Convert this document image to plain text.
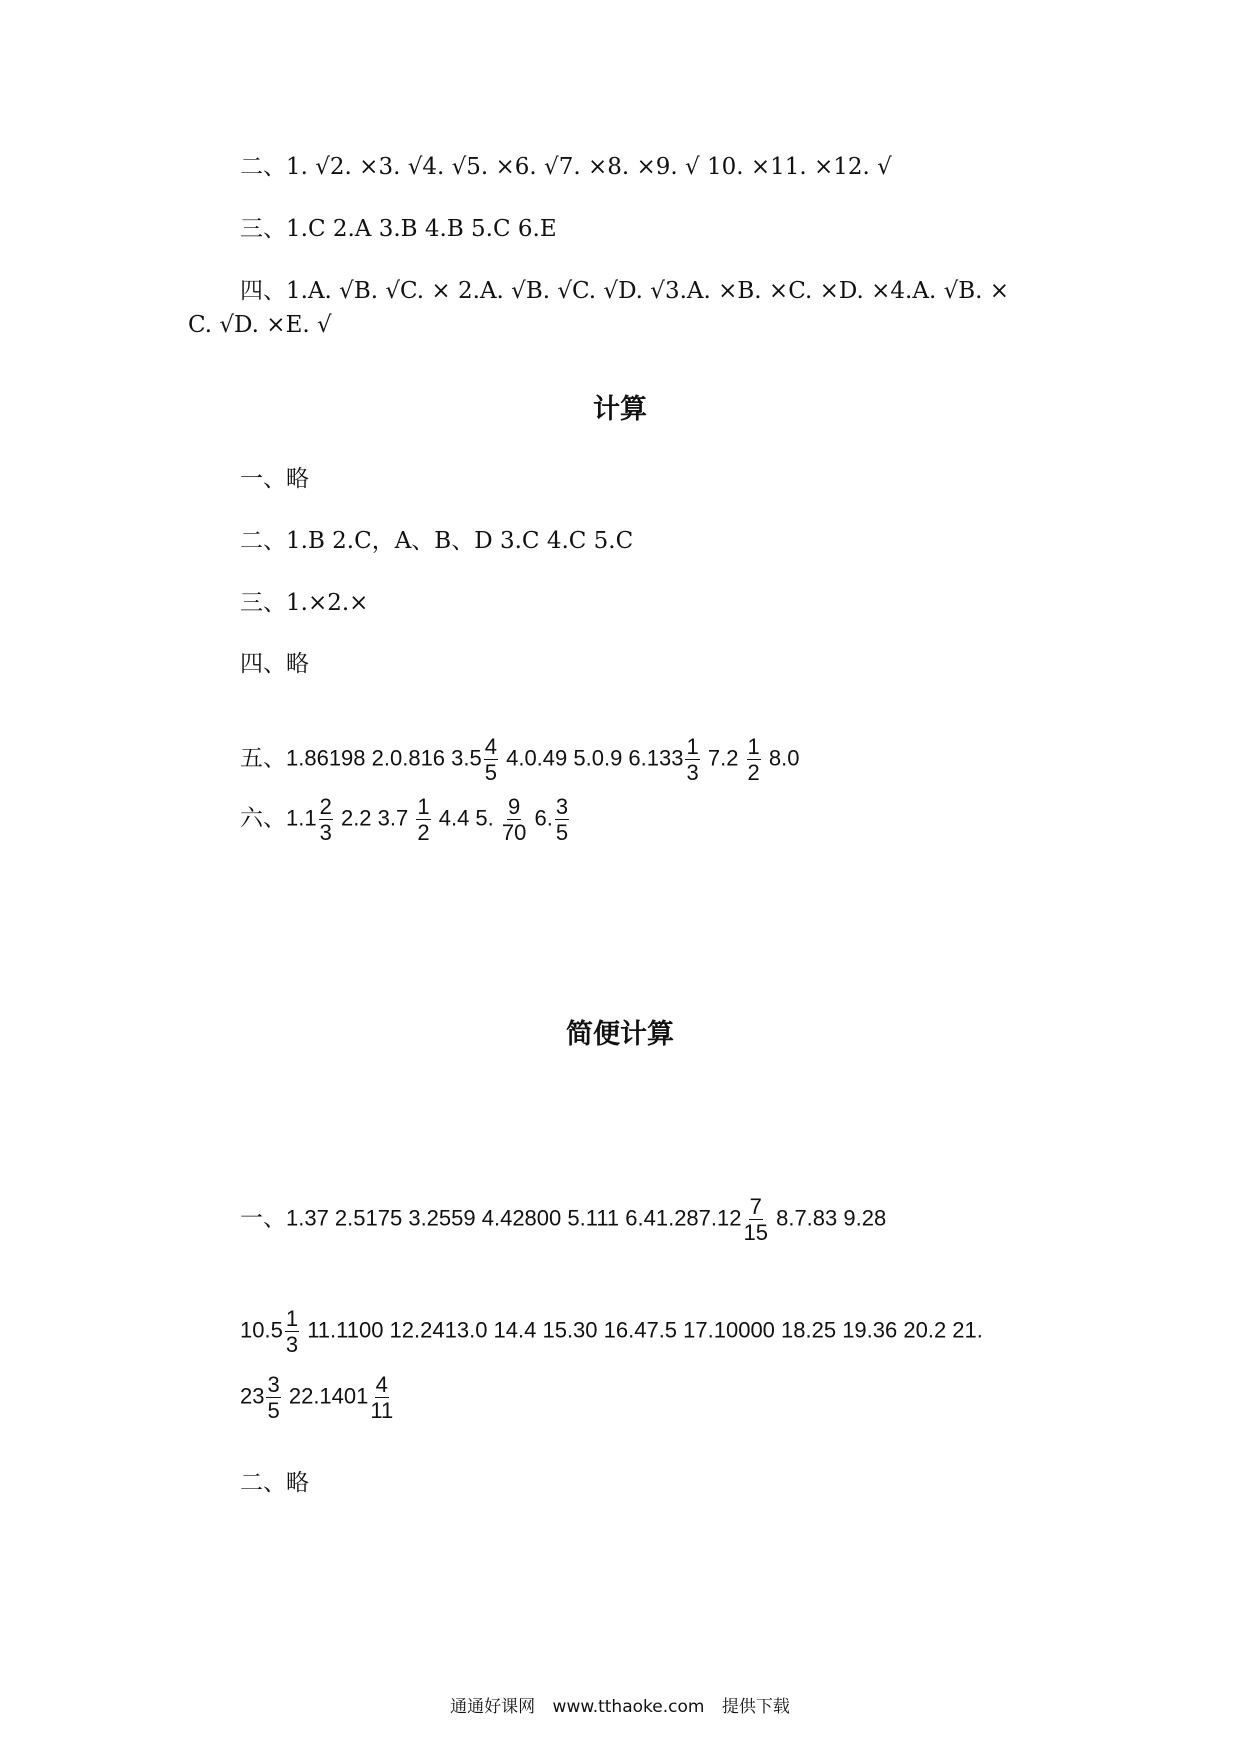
二、1. √2. ×3. √4. √5. ×6. √7. ×8. ×9. √ 10. ×11. ×12. √
三、1.C 2.A 3.B 4.B 5.C 6.E
四、1.A. √B. √C. × 2.A. √B. √C. √D. √3.A. ×B. ×C. ×D. ×4.A. √B. ×
C. √D. ×E. √
计算
一、略
二、1.B 2.C，A、B、D 3.C 4.C 5.C
三、1.×2.×
四、略
五、1.86198 2.0.816 $3.5 \frac{4}{5} 4.0.49$ 5.0.9 $6.133 \frac{1}{3} 7.2 \frac{1}{2} 8.0$
六、$1.1 \frac{2}{3} 2.2$ $3.7 \frac{1}{2} 4.4$ 5. $\frac{9}{70} 6$. $\frac{3}{5}$
简便计算
一、1.37 2.5175 3.2559 4.42800 5.111 $6.41.287.12 \frac{7}{15} 8.7.83$ 9.28
$10.5 \frac{1}{3} 11.1100$ 12.2413.0 14.4 15.30 16.47.5 17.10000 18.25 19.36 20.2 21.
$23 \frac{3}{5} 22.1401 \frac{4}{11}$
二、略
通通好课网 www.tthaoke.com 提供下载
